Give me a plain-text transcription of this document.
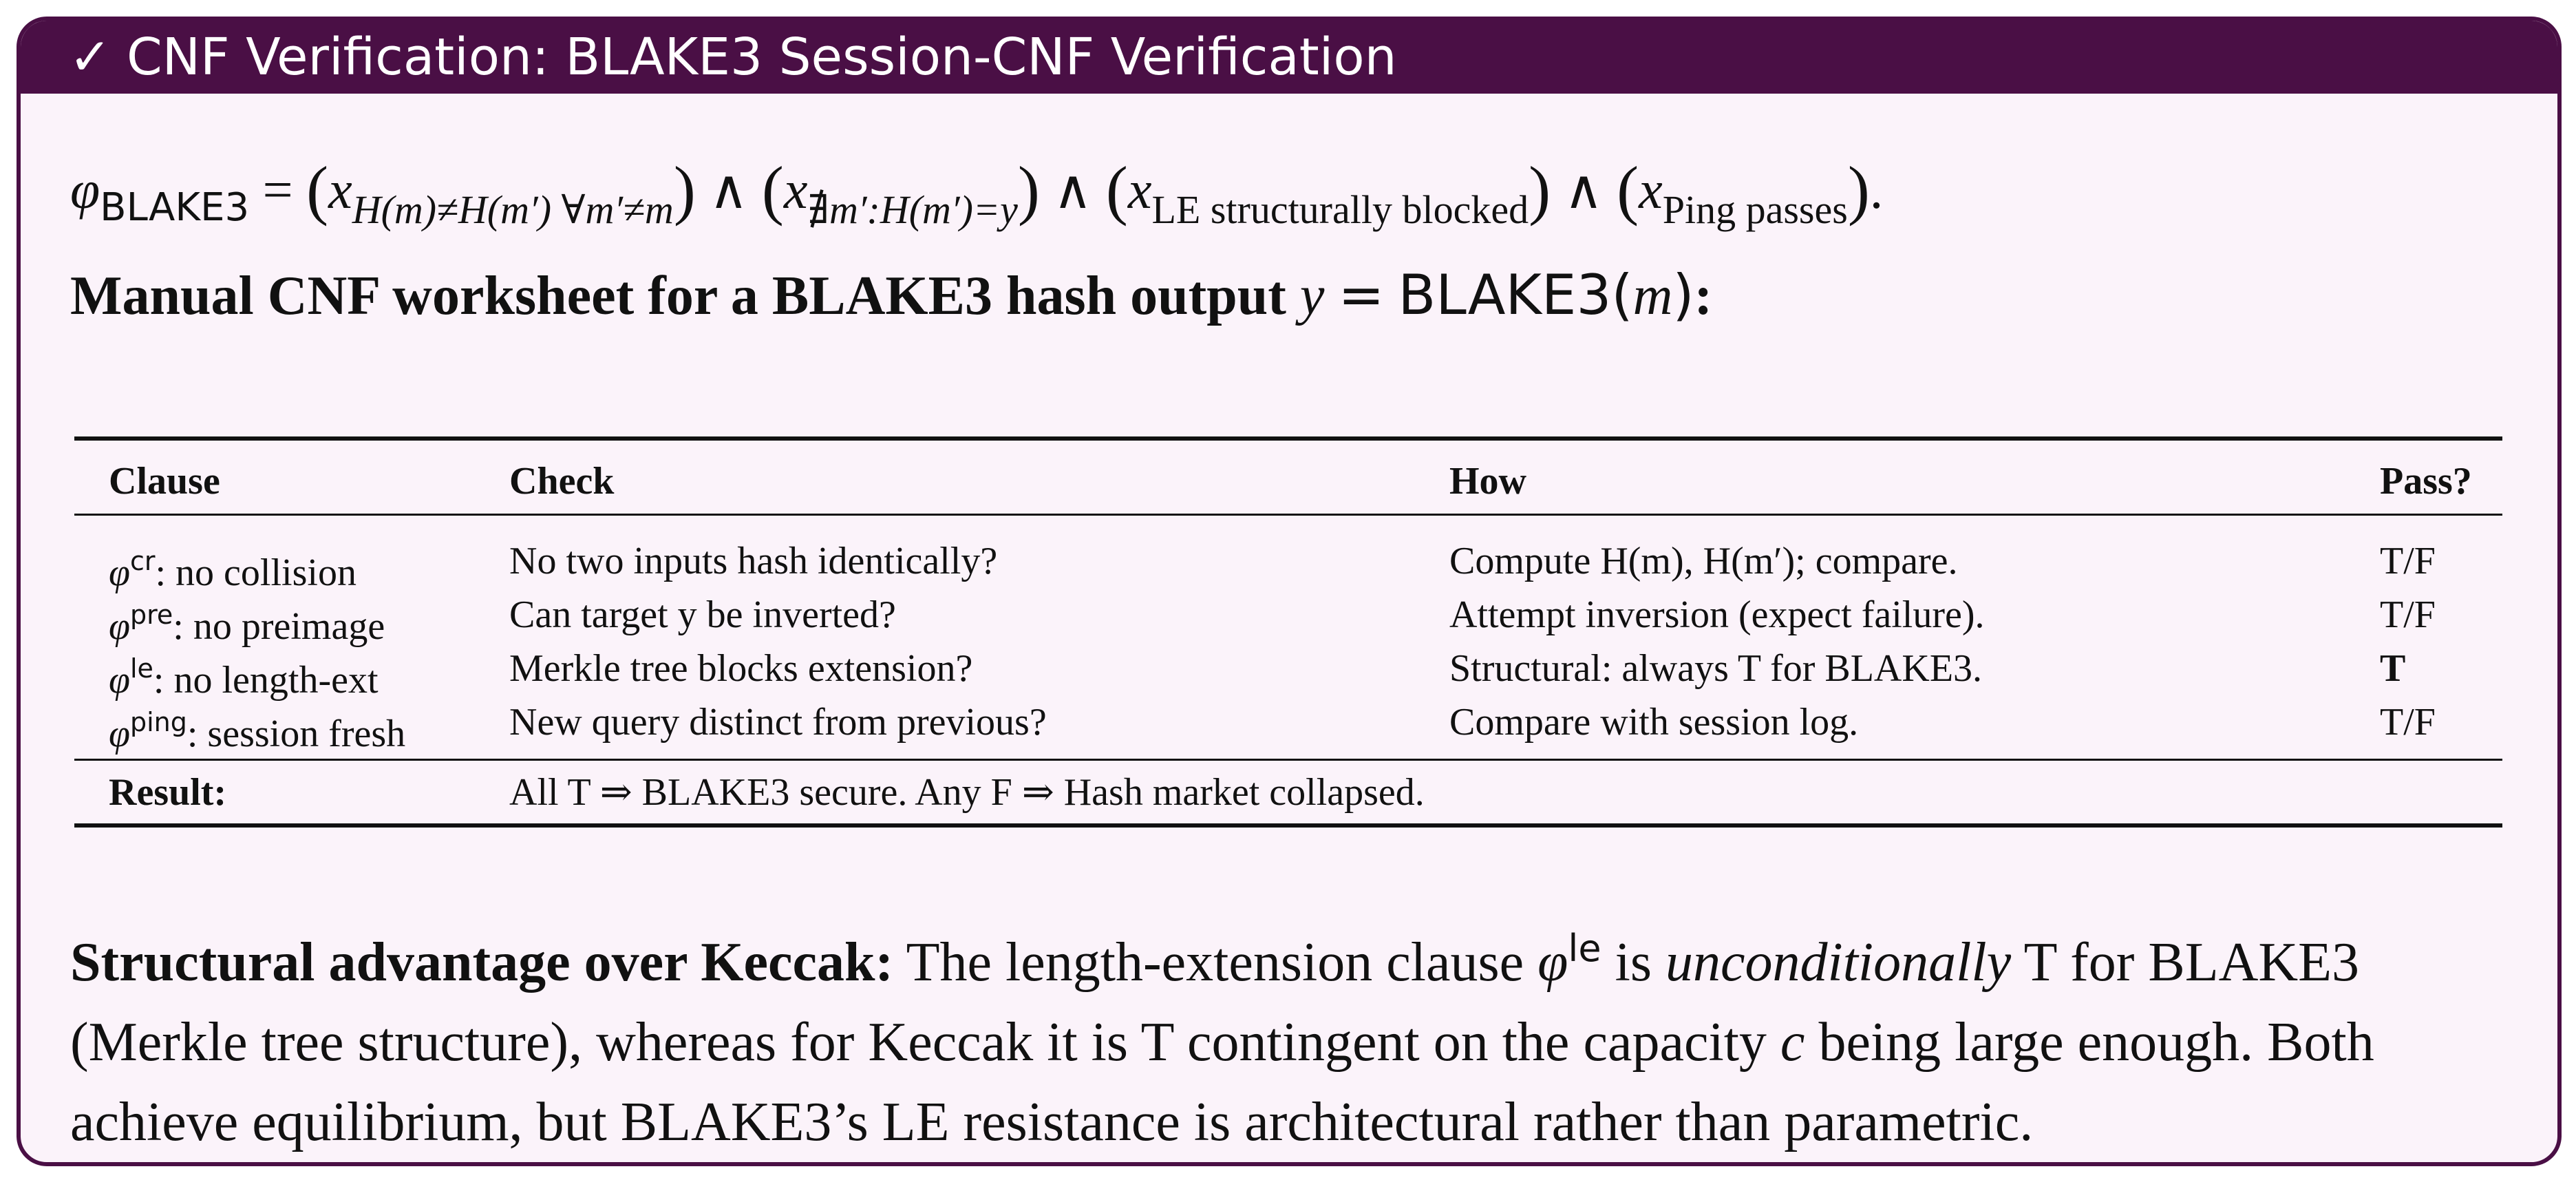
✓ CNF Verification: BLAKE3 Session-CNF Verification
$\varphi_{BLAKE3} = (x_{H(m)\ne H(m') \forall m'\ne m})$ ∧ $(x_{∄m':H(m')=y})$ ∧ $(x_{LE structurally blocked})$ ∧ $(x_{Ping passes})$.
Manual CNF worksheet for a BLAKE3 hash output y = BLAKE3(m):
Clause	Check	How	Pass?
$\varphi^{cr}$: no collision	No two inputs hash identically?	Compute H(m), H(m′); compare.	T/F
$\varphi^{pre}$: no preimage	Can target y be inverted?	Attempt inversion (expect failure).	T/F
$\varphi^{le}$: no length-ext	Merkle tree blocks extension?	Structural: always T for BLAKE3.	T
$\varphi^{ping}$: session fresh	New query distinct from previous?	Compare with session log.	T/F
Result:	All T ⇒ BLAKE3 secure. Any F ⇒ Hash market collapsed.
Structural advantage over Keccak: The length-extension clause $\varphi^{le}$ is unconditionally T for BLAKE3 (Merkle tree structure), whereas for Keccak it is T contingent on the capacity c being large enough. Both achieve equilibrium, but BLAKE3’s LE resistance is architectural rather than parametric.
